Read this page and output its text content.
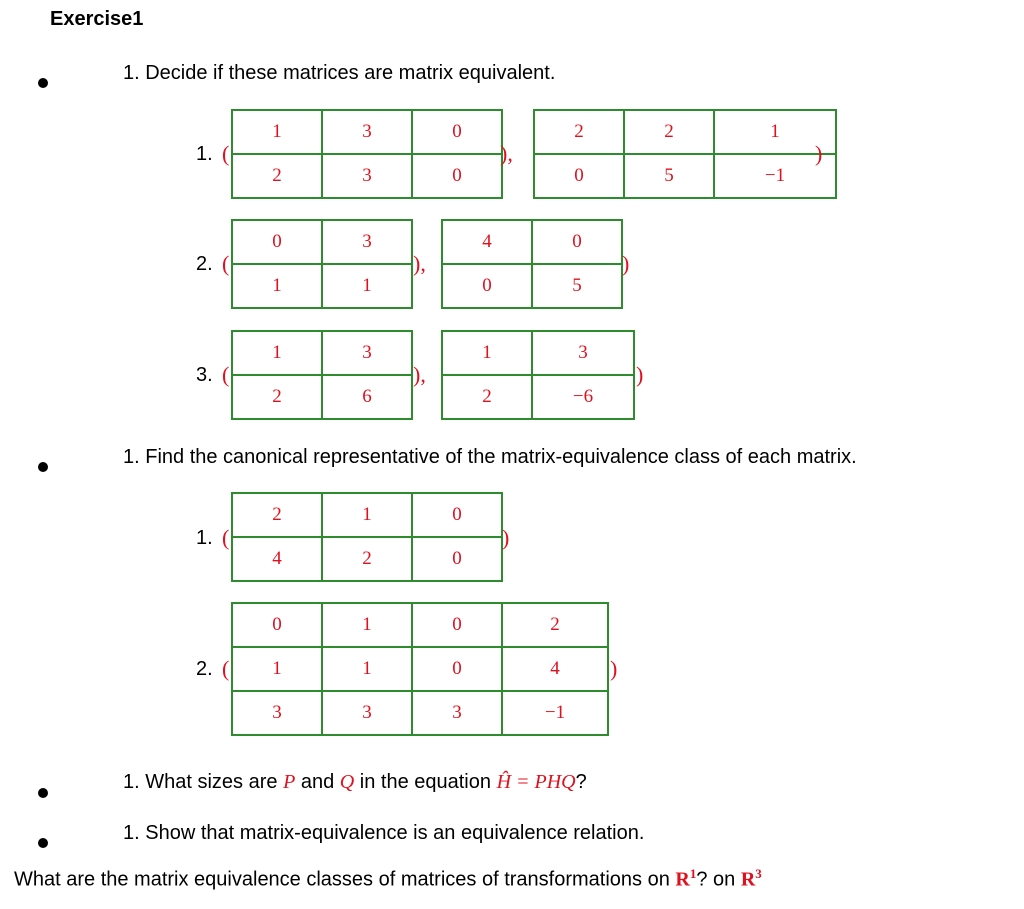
Exercise1
1. Decide if these matrices are matrix equivalent.
1. (
1	3	0
2	3	0
),
2	2	1
0	5	−1
)
2. (
0	3
1	1
),
4	0
0	5
)
3. (
1	3
2	6
),
1	3
2	−6
)
1. Find the canonical representative of the matrix-equivalence class of each matrix.
1. (
2	1	0
4	2	0
)
2. (
0	1	0	2
1	1	0	4
3	3	3	−1
)
1. What sizes are P and Q in the equation Ĥ = PHQ?
1. Show that matrix-equivalence is an equivalence relation.
What are the matrix equivalence classes of matrices of transformations on $R^1$? on $R^3$
